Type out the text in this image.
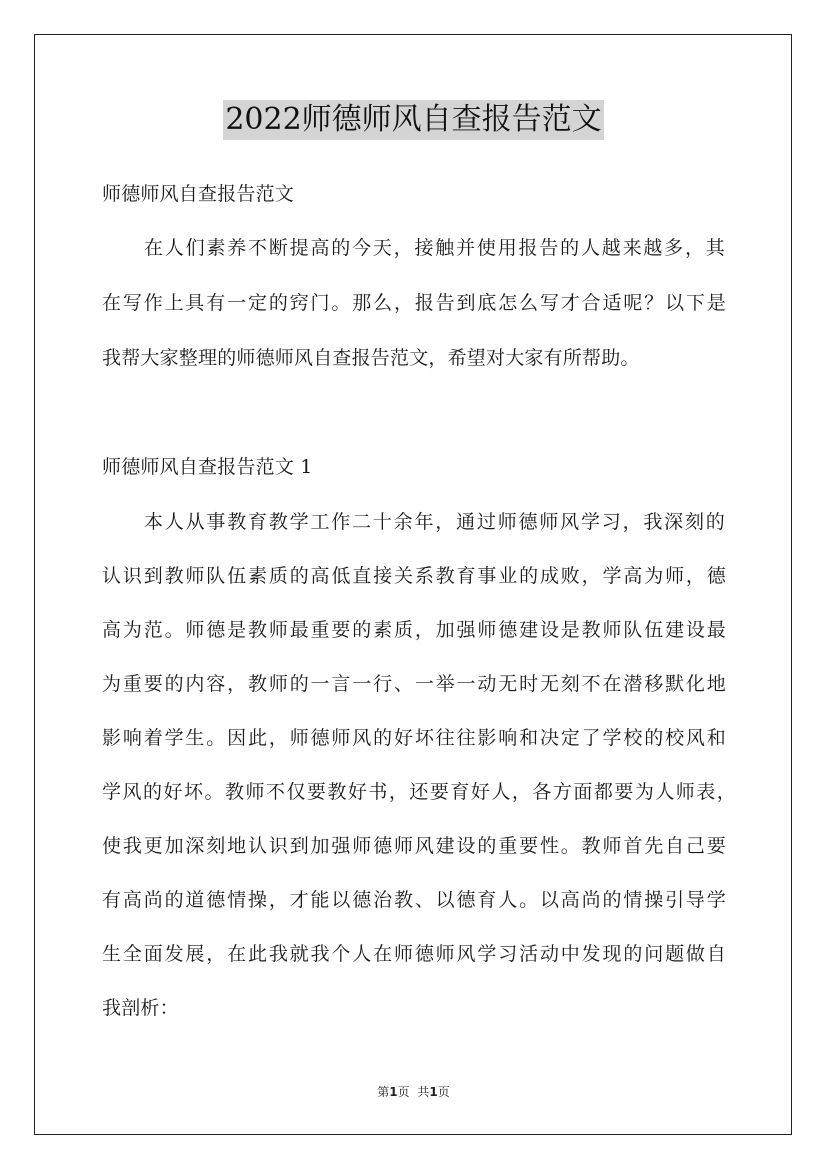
2022师德师风自查报告范文
师德师风自查报告范文
在人们素养不断提高的今天，接触并使用报告的人越来越多，其
在写作上具有一定的窍门。那么，报告到底怎么写才合适呢？以下是
我帮大家整理的师德师风自查报告范文，希望对大家有所帮助。
师德师风自查报告范文 1
本人从事教育教学工作二十余年，通过师德师风学习，我深刻的
认识到教师队伍素质的高低直接关系教育事业的成败，学高为师，德
高为范。师德是教师最重要的素质，加强师德建设是教师队伍建设最
为重要的内容，教师的一言一行、一举一动无时无刻不在潜移默化地
影响着学生。因此，师德师风的好坏往往影响和决定了学校的校风和
学风的好坏。教师不仅要教好书，还要育好人，各方面都要为人师表，
使我更加深刻地认识到加强师德师风建设的重要性。教师首先自己要
有高尚的道德情操，才能以德治教、以德育人。以高尚的情操引导学
生全面发展，在此我就我个人在师德师风学习活动中发现的问题做自
我剖析：
第1页 共1页
